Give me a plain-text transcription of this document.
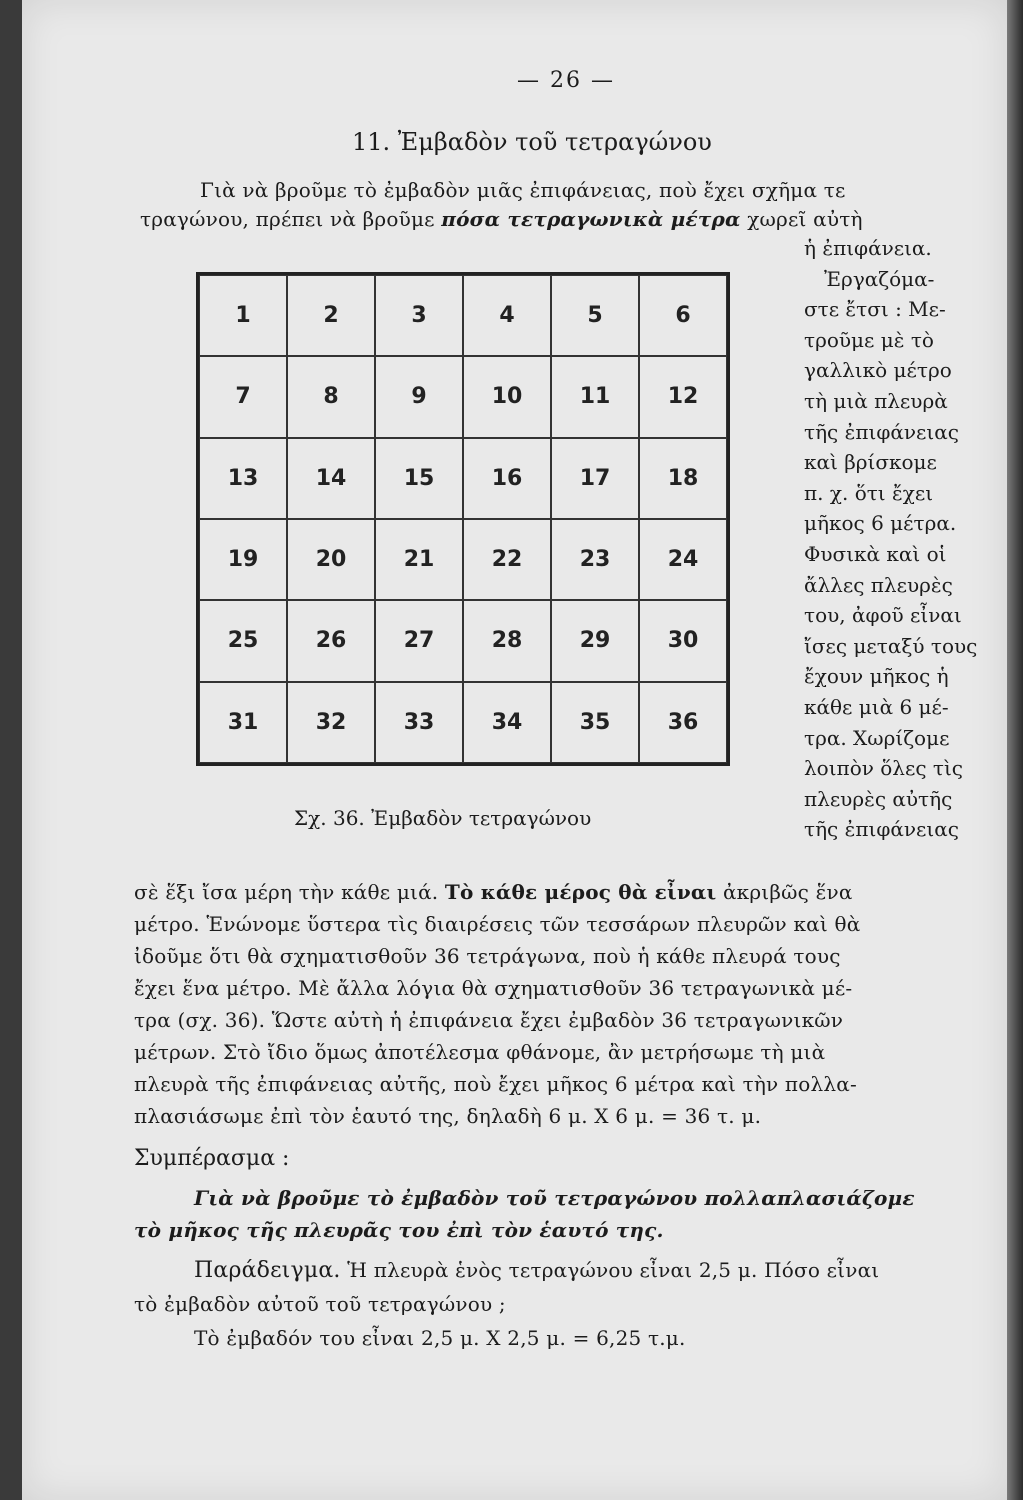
— 26 —
11. Ἐμβαδὸν τοῦ τετραγώνου
Γιὰ νὰ βροῦμε τὸ ἐμβαδὸν μιᾶς ἐπιφάνειας, ποὺ ἔχει σχῆμα τε
τραγώνου, πρέπει νὰ βροῦμε πόσα τετραγωνικὰ μέτρα χωρεῖ αὐτὴ
1	2	3	4	5	6
7	8	9	10	11	12
13	14	15	16	17	18
19	20	21	22	23	24
25	26	27	28	29	30
31	32	33	34	35	36
Σχ. 36. Ἐμβαδὸν τετραγώνου
ἡ ἐπιφάνεια.
Ἐργαζόμα-
στε ἔτσι : Με-
τροῦμε μὲ τὸ
γαλλικὸ μέτρο
τὴ μιὰ πλευρὰ
τῆς ἐπιφάνειας
καὶ βρίσκομε
π. χ. ὅτι ἔχει
μῆκος 6 μέτρα.
Φυσικὰ καὶ οἱ
ἄλλες πλευρὲς
του, ἀφοῦ εἶναι
ἴσες μεταξύ τους
ἔχουν μῆκος ἡ
κάθε μιὰ 6 μέ-
τρα. Χωρίζομε
λοιπὸν ὅλες τὶς
πλευρὲς αὐτῆς
τῆς ἐπιφάνειας
σὲ ἕξι ἴσα μέρη τὴν κάθε μιά. Τὸ κάθε μέρος θὰ εἶναι ἀκριβῶς ἕνα
μέτρο. Ἑνώνομε ὕστερα τὶς διαιρέσεις τῶν τεσσάρων πλευρῶν καὶ θὰ
ἰδοῦμε ὅτι θὰ σχηματισθοῦν 36 τετράγωνα, ποὺ ἡ κάθε πλευρά τους
ἔχει ἕνα μέτρο. Μὲ ἄλλα λόγια θὰ σχηματισθοῦν 36 τετραγωνικὰ μέ-
τρα (σχ. 36). Ὥστε αὐτὴ ἡ ἐπιφάνεια ἔχει ἐμβαδὸν 36 τετραγωνικῶν
μέτρων. Στὸ ἴδιο ὅμως ἀποτέλεσμα φθάνομε, ἂν μετρήσωμε τὴ μιὰ
πλευρὰ τῆς ἐπιφάνειας αὐτῆς, ποὺ ἔχει μῆκος 6 μέτρα καὶ τὴν πολλα-
πλασιάσωμε ἐπὶ τὸν ἑαυτό της, δηλαδὴ 6 μ. X 6 μ. = 36 τ. μ.
Συμπέρασμα :
Γιὰ νὰ βροῦμε τὸ ἐμβαδὸν τοῦ τετραγώνου πολλαπλασιάζομε
τὸ μῆκος τῆς πλευρᾶς του ἐπὶ τὸν ἑαυτό της.
Παράδειγμα. Ἡ πλευρὰ ἑνὸς τετραγώνου εἶναι 2,5 μ. Πόσο εἶναι
τὸ ἐμβαδὸν αὐτοῦ τοῦ τετραγώνου ;
Τὸ ἐμβαδόν του εἶναι 2,5 μ. X 2,5 μ. = 6,25 τ.μ.
